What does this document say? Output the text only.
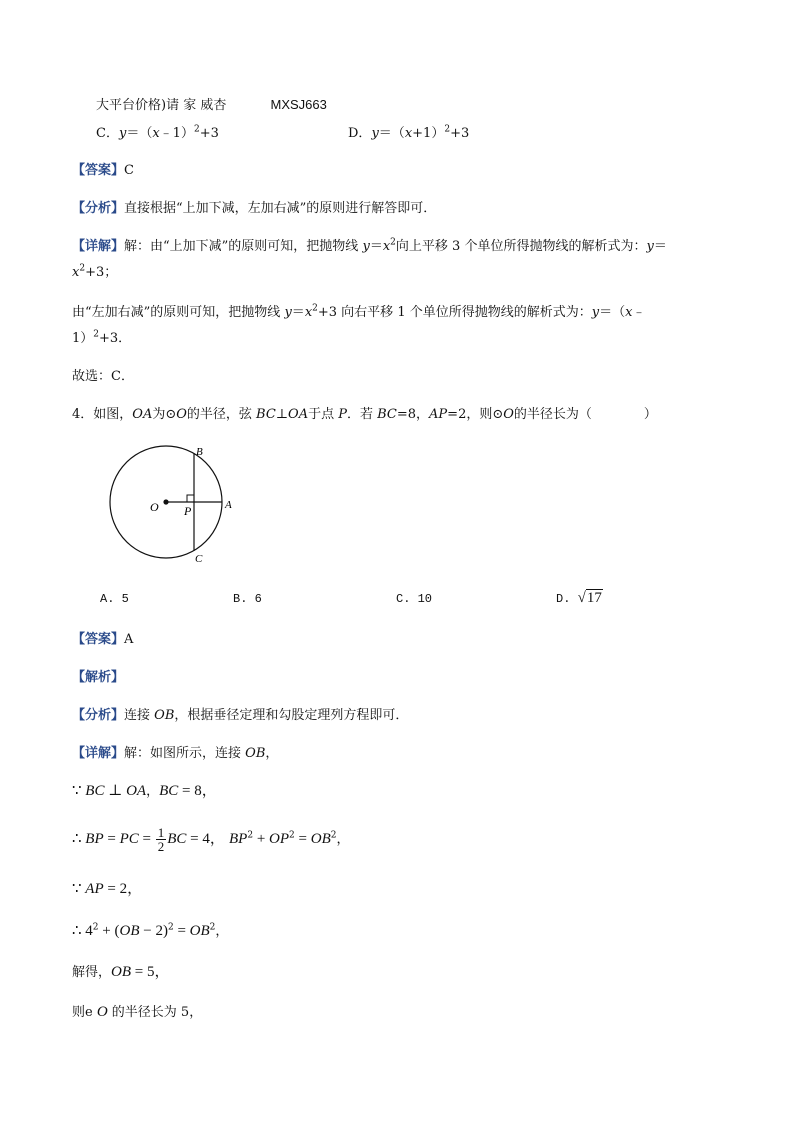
大平台价格)请 家 威杏	MXSJ663
C．y＝（x﹣1）$^2$+3	D．$y=(x+1)^2+3$
【答案】C
【分析】直接根据“上加下减，左加右减”的原则进行解答即可．
【详解】解：由“上加下减”的原则可知，把抛物线 $y=x^2$向上平移 3 个单位所得抛物线的解析式为：y＝
$x^2+3$；
由“左加右减”的原则可知，把抛物线 $y=x^2+3$ 向右平移 1 个单位所得抛物线的解析式为：y＝（x﹣
1）$^2$+3．
故选：C．
4．如图，OA为⊙O的半径，弦 BC⊥OA于点 P．若 BC=8，AP=2，则⊙O的半径长为（　　　　）
O P	A
B
C
A. 5	B. 6	C. 10	D. √17
【答案】A
【解析】
【分析】连接 OB，根据垂径定理和勾股定理列方程即可．
【详解】解：如图所示，连接 OB，
∵ BC ⊥ OA，BC = 8，
∴ BP = PC = $\frac{1}{2}$ BC = 4， $BP^2 + OP^2 = OB^2$，
∵ AP = 2，
∴ $4^2 + (OB - 2)^2 = OB^2$，
解得，OB = 5，
则e O 的半径长为 5，
